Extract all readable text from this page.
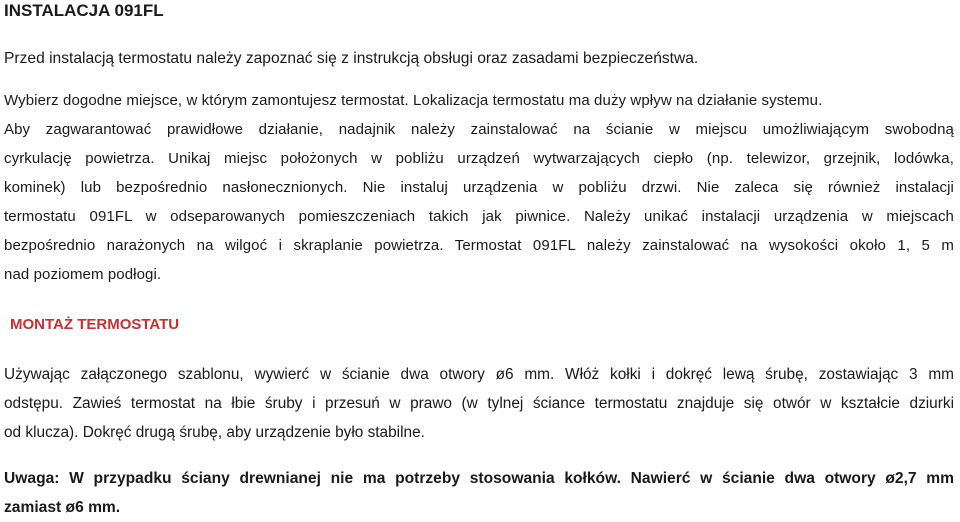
INSTALACJA 091FL

Przed instalacją termostatu należy zapoznać się z instrukcją obsługi oraz zasadami bezpieczeństwa.

Wybierz dogodne miejsce, w którym zamontujesz termostat. Lokalizacja termostatu ma duży wpływ na działanie systemu.
Aby zagwarantować prawidłowe działanie, nadajnik należy zainstalować na ścianie w miejscu umożliwiającym swobodną
cyrkulację powietrza. Unikaj miejsc położonych w pobliżu urządzeń wytwarzających ciepło (np. telewizor, grzejnik, lodówka,
kominek) lub bezpośrednio nasłonecznionych. Nie instaluj urządzenia w pobliżu drzwi. Nie zaleca się również instalacji
termostatu 091FL w odseparowanych pomieszczeniach takich jak piwnice. Należy unikać instalacji urządzenia w miejscach
bezpośrednio narażonych na wilgoć i skraplanie powietrza. Termostat 091FL należy zainstalować na wysokości około 1, 5 m
nad poziomem podłogi.

MONTAŻ TERMOSTATU

Używając załączonego szablonu, wywierć w ścianie dwa otwory ø6 mm. Włóż kołki i dokręć lewą śrubę, zostawiając 3 mm
odstępu. Zawieś termostat na łbie śruby i przesuń w prawo (w tylnej ściance termostatu znajduje się otwór w kształcie dziurki
od klucza). Dokręć drugą śrubę, aby urządzenie było stabilne.

Uwaga: W przypadku ściany drewnianej nie ma potrzeby stosowania kołków. Nawierć w ścianie dwa otwory ø2,7 mm
zamiast ø6 mm.
